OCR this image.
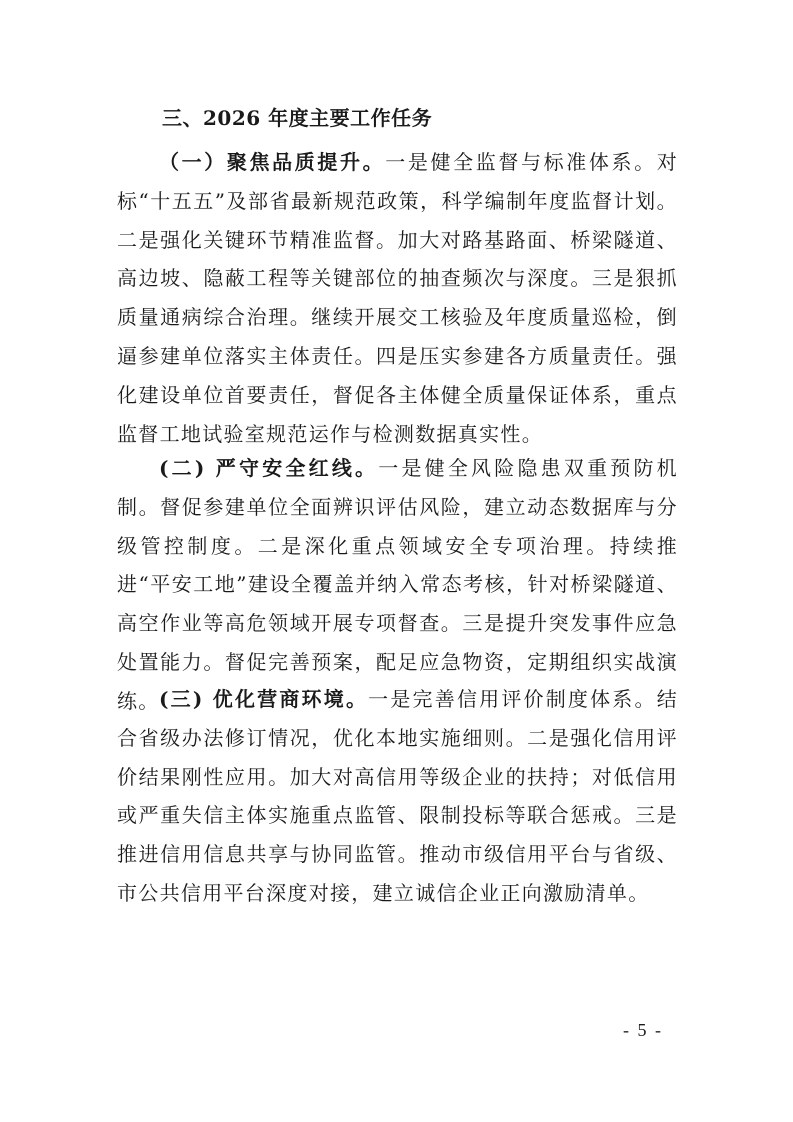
三、2026 年度主要工作任务

（一）聚焦品质提升。一是健全监督与标准体系。对标“十五五”及部省最新规范政策，科学编制年度监督计划。二是强化关键环节精准监督。加大对路基路面、桥梁隧道、高边坡、隐蔽工程等关键部位的抽查频次与深度。三是狠抓质量通病综合治理。继续开展交工核验及年度质量巡检，倒逼参建单位落实主体责任。四是压实参建各方质量责任。强化建设单位首要责任，督促各主体健全质量保证体系，重点监督工地试验室规范运作与检测数据真实性。

(二) 严守安全红线。一是健全风险隐患双重预防机制。督促参建单位全面辨识评估风险，建立动态数据库与分级管控制度。二是深化重点领域安全专项治理。持续推进“平安工地”建设全覆盖并纳入常态考核，针对桥梁隧道、高空作业等高危领域开展专项督查。三是提升突发事件应急处置能力。督促完善预案，配足应急物资，定期组织实战演练。 (三) 优化营商环境。一是完善信用评价制度体系。结合省级办法修订情况，优化本地实施细则。二是强化信用评价结果刚性应用。加大对高信用等级企业的扶持；对低信用或严重失信主体实施重点监管、限制投标等联合惩戒。三是推进信用信息共享与协同监管。推动市级信用平台与省级、市公共信用平台深度对接，建立诚信企业正向激励清单。

- 5 -
